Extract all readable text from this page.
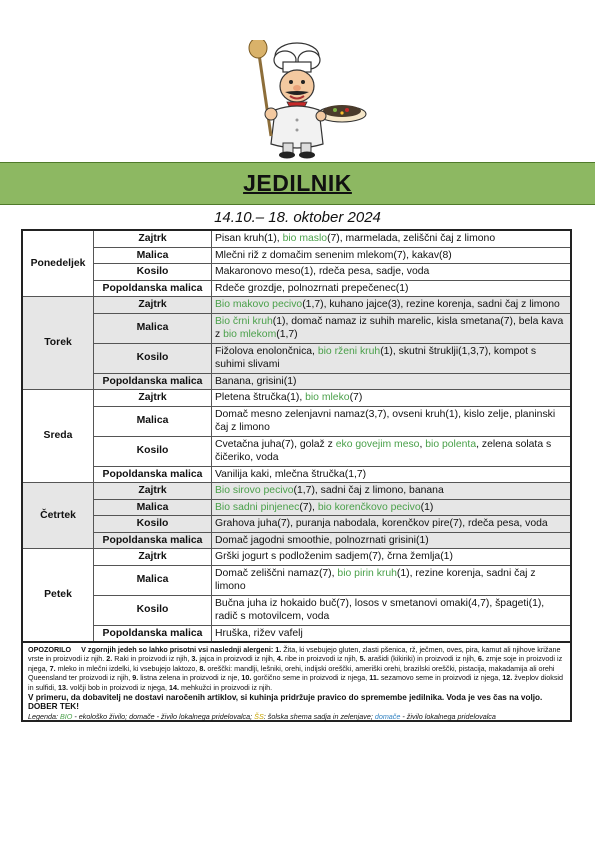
JEDILNIK
14.10.– 18. oktober 2024
Ponedeljek	Zajtrk	Pisan kruh(1), bio maslo(7), marmelada, zeliščni čaj z limono
	Malica	Mlečni riž z domačim senenim mlekom(7), kakav(8)
	Kosilo	Makaronovo meso(1), rdeča pesa, sadje, voda
	Popoldanska malica	Rdeče grozdje, polnozrnati prepečenec(1)
Torek	Zajtrk	Bio makovo pecivo(1,7), kuhano jajce(3), rezine korenja, sadni čaj z limono
	Malica	Bio črni kruh(1), domač namaz iz suhih marelic, kisla smetana(7), bela kava z bio mlekom(1,7)
	Kosilo	Fižolova enolončnica, bio rženi kruh(1), skutni štruklji(1,3,7), kompot s suhimi slivami
	Popoldanska malica	Banana, grisini(1)
Sreda	Zajtrk	Pletena štručka(1), bio mleko(7)
	Malica	Domač mesno zelenjavni namaz(3,7), ovseni kruh(1), kislo zelje, planinski čaj z limono
	Kosilo	Cvetačna juha(7), golaž z eko govejim meso, bio polenta, zelena solata s čičeriko, voda
	Popoldanska malica	Vanilija kaki, mlečna štručka(1,7)
Četrtek	Zajtrk	Bio sirovo pecivo(1,7), sadni čaj z limono, banana
	Malica	Bio sadni pinjenec(7), bio korenčkovo pecivo(1)
	Kosilo	Grahova juha(7), puranja nabodala, korenčkov pire(7), rdeča pesa, voda
	Popoldanska malica	Domač jagodni smoothie, polnozrnati grisini(1)
Petek	Zajtrk	Grški jogurt s podloženim sadjem(7), črna žemlja(1)
	Malica	Domač zeliščni namaz(7), bio pirin kruh(1), rezine korenja, sadni čaj z limono
	Kosilo	Bučna juha iz hokaido buč(7), losos v smetanovi omaki(4,7), špageti(1), radič s motovilcem, voda
	Popoldanska malica	Hruška, rižev vafelj
OPOZORILO V zgornjih jedeh so lahko prisotni vsi naslednji alergeni: 1. Žita, ki vsebujejo gluten, zlasti pšenica, rž, ječmen, oves, pira, kamut ali njihove križane vrste in proizvodi iz njih. 2. Raki in proizvodi iz njih, 3. jajca in proizvodi iz njih, 4. ribe in proizvodi iz njih, 5. arašidi (kikiriki) in proizvodi iz njih, 6. zrnje soje in proizvodi iz njega, 7. mleko in mlečni izdelki, ki vsebujejo laktozo, 8. oreščki: mandlji, lešniki, orehi, indijski oreščki, ameriški orehi, brazilski oreščki, pistacija, makadamija ali orehi Queensland ter proizvodi iz njih, 9. listna zelena in proizvodi iz nje, 10. gorčično seme in proizvodi iz njega, 11. sezamovo seme in proizvodi iz njega, 12. žveplov dioksid in sulfidi, 13. volčji bob in proizvodi iz njega, 14. mehkužci in proizvodi iz njih.
V primeru, da dobavitelj ne dostavi naročenih artiklov, si kuhinja pridržuje pravico do spremembe jedilnika. Voda je ves čas na voljo.
DOBER TEK!
Legenda: BIO - ekološko živilo; domače - živilo lokalnega pridelovalca; ŠS: šolska shema sadja in zelenjave; domače - živilo lokalnega pridelovalca
